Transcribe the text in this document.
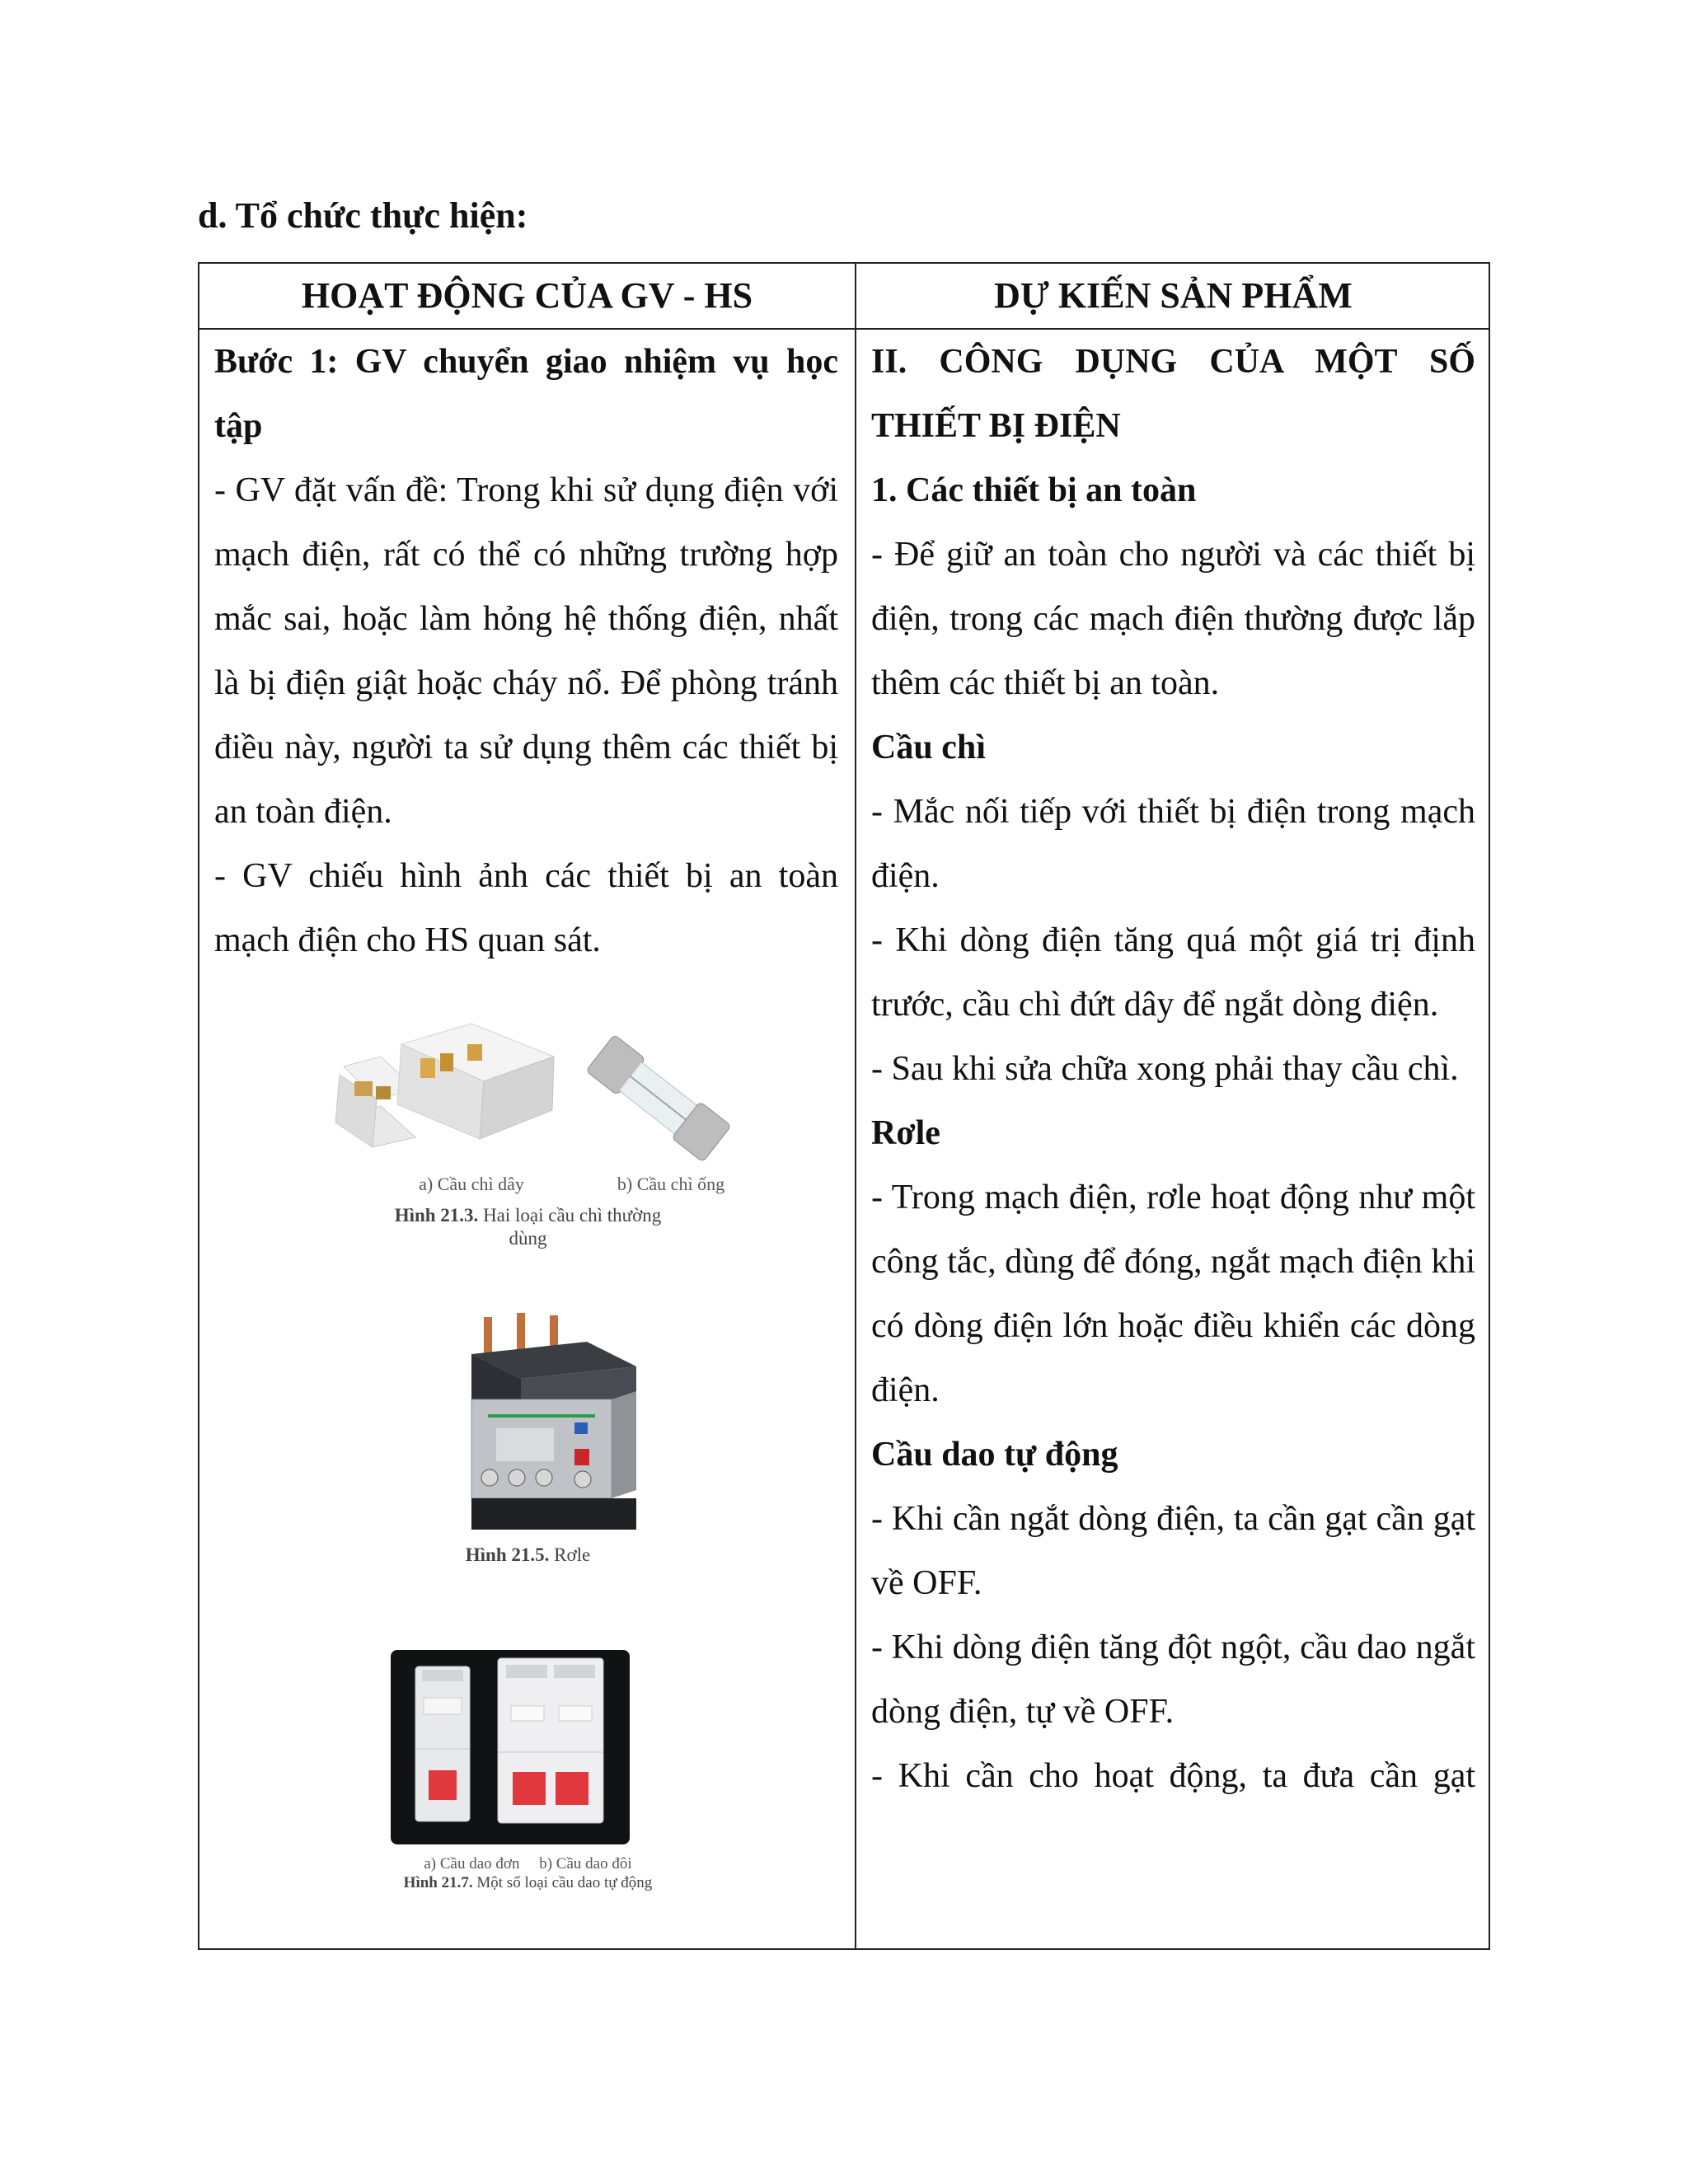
d. Tổ chức thực hiện:
HOẠT ĐỘNG CỦA GV - HS	DỰ KIẾN SẢN PHẨM

Bước 1: GV chuyển giao nhiệm vụ học

tập

- GV đặt vấn đề: Trong khi sử dụng điện với mạch điện, rất có thể có những trường hợp mắc sai, hoặc làm hỏng hệ thống điện, nhất là bị điện giật hoặc cháy nổ. Để phòng tránh điều này, người ta sử dụng thêm các thiết bị an toàn điện.

- GV chiếu hình ảnh các thiết bị an toàn mạch điện cho HS quan sát.

a) Cầu chì dây	b) Cầu chì ống
Hình 21.3. Hai loại cầu chì thường dùng
Hình 21.5. Rơle
a) Cầu dao đơn b) Cầu dao đôi
Hình 21.7. Một số loại cầu dao tự động

II. CÔNG DỤNG CỦA MỘT SỐ

THIẾT BỊ ĐIỆN

1. Các thiết bị an toàn

- Để giữ an toàn cho người và các thiết bị điện, trong các mạch điện thường được lắp thêm các thiết bị an toàn.

Cầu chì

- Mắc nối tiếp với thiết bị điện trong mạch điện.

- Khi dòng điện tăng quá một giá trị định trước, cầu chì đứt dây để ngắt dòng điện.

- Sau khi sửa chữa xong phải thay cầu chì.

Rơle

- Trong mạch điện, rơle hoạt động như một công tắc, dùng để đóng, ngắt mạch điện khi có dòng điện lớn hoặc điều khiển các dòng điện.

Cầu dao tự động

- Khi cần ngắt dòng điện, ta cần gạt cần gạt về OFF.

- Khi dòng điện tăng đột ngột, cầu dao ngắt dòng điện, tự về OFF.

- Khi cần cho hoạt động, ta đưa cần gạt
